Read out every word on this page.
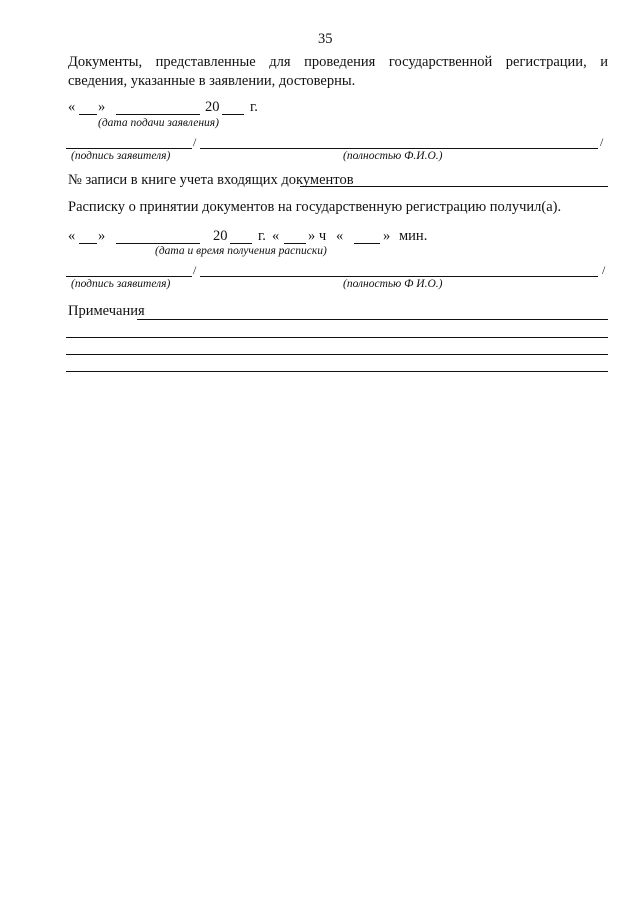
35
Документы, представленные для проведения государственной регистрации, и
сведения, указанные в заявлении, достоверны.
« »	20 г.
(дата подачи заявления)
/	/
(подпись заявителя)	(полностью Ф.И.О.)
№ записи в книге учета входящих документов
Расписку о принятии документов на государственную регистрацию получил(а).
« »	20 г. « » ч «	» мин.
(дата и время получения расписки)
/	/
(подпись заявителя)	(полностью Ф И.О.)
Примечания
